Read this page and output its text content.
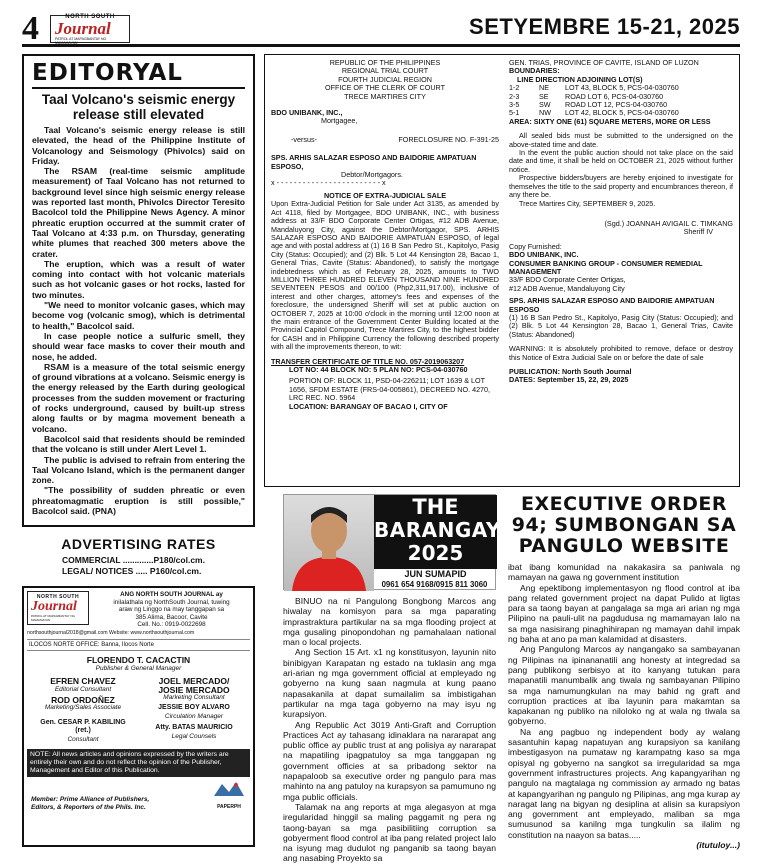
4	NORTH SOUTH
Journal
PATROL AT MAPAGBANTAY NG MAMAMAYAN
SETYEMBRE 15-21, 2025
EDITORYAL
Taal Volcano's seismic energy release still elevated

Taal Volcano's seismic energy release is still elevated, the head of the Philippine Institute of Volcanology and Seismology (Phivolcs) said on Friday.

The RSAM (real-time seismic amplitude measurement) of Taal Volcano has not returned to background level since high seismic energy release was reported last month, Phivolcs Director Teresito Bacolcol told the Philippine News Agency. A minor phreatic eruption occurred at the summit crater of Taal Volcano at 4:33 p.m. on Thursday, generating white plumes that reached 300 meters above the crater.

The eruption, which was a result of water coming into contact with hot volcanic materials such as hot volcanic gases or hot rocks, lasted for two minutes.

"We need to monitor volcanic gases, which may become vog (volcanic smog), which is detrimental to health," Bacolcol said.

In case people notice a sulfuric smell, they should wear face masks to cover their mouth and nose, he added.

RSAM is a measure of the total seismic energy of ground vibrations at a volcano. Seismic energy is the energy released by the Earth during geological processes from the sudden movement or fracturing of rocks underground, caused by built-up stress along faults or by magma movement beneath a volcano.

Bacolcol said that residents should be reminded that the volcano is still under Alert Level 1.

The public is advised to refrain from entering the Taal Volcano Island, which is the permanent danger zone.

"The possibility of sudden phreatic or even phreatomagmatic eruption is still possible," Bacolcol said. (PNA)

ADVERTISING RATES
COMMERCIAL .............P180/col.cm.
LEGAL/ NOTICES ..... P160/col.cm.
NORTH SOUTH
Journal
PATROL AT MAPAGBANTAY NG MAMAMAYAN
ANG NORTH SOUTH JOURNAL ay
inilalathala ng NorthSouth Journal, tuwing
araw ng Linggo na may tanggapan sa
385 Alima, Bacoor, Cavite
Cell. No.: 0919-0022698
northsouthjournal2018@gmail.com Website: www.northsouthjournal.com
ILOCOS NORTE OFFICE: Banna, Ilocos Norte
FLORENDO T. CACACTIN
Publisher & General Manager
EFREN CHAVEZ
Editorial Consultant
ROD ORDOÑEZ
Marketing/Sales Associate
Gen. CESAR P. KABILING (ret.)
Consultant
JOEL MERCADO/
JOSIE MERCADO
Marketing Consultant
JESSIE BOY ALVARO
Circulation Manager
Atty. BATAS MAURICIO
Legal Counsels
NOTE: All news articles and opinions expressed by the writers are entirely their own and do not reflect the opinion of the Publisher, Management and Editor of this Publication.
Member: Prime Alliance of Publishers, Editors, & Reporters of the Phils. Inc.	PAPERPH
REPUBLIC OF THE PHILIPPINES
REGIONAL TRIAL COURT
FOURTH JUDICIAL REGION
OFFICE OF THE CLERK OF COURT
TRECE MARTIRES CITY
BDO UNIBANK, INC.,
Mortgagee,
-versus-	FORECLOSURE NO. F-391-25
SPS. ARHIS SALAZAR ESPOSO AND BAIDORIE AMPATUAN ESPOSO,
Debtor/Mortgagors.
x - - - - - - - - - - - - - - - - - - - - - - - - x
NOTICE OF EXTRA-JUDICIAL SALE
Upon Extra-Judicial Petition for Sale under Act 3135, as amended by Act 4118, filed by Mortgagee, BDO UNIBANK, INC., with business address at 33/F BDO Corporate Center Ortigas, #12 ADB Avenue, Mandaluyong City, against the Debtor/Mortgagor, SPS. ARHIS SALAZAR ESPOSO AND BAIDORIE AMPATUAN ESPOSO, of legal age and with postal address at (1) 16 B San Pedro St., Kapitolyo, Pasig City (Status: Occupied); and (2) Blk. 5 Lot 44 Kensington 28, Bacao 1, General Trias, Cavite (Status: Abandoned), to satisfy the mortgage indebtedness which as of February 28, 2025, amounts to TWO MILLION THREE HUNDRED ELEVEN THOUSAND NINE HUNDRED SEVENTEEN PESOS and 00/100 (Php2,311,917.00), inclusive of interest and other charges, attorney's fees and expenses of the foreclosure, the undersigned Sheriff will set at public auction on OCTOBER 7, 2025 at 10:00 o'clock in the morning until 12:00 noon at the main entrance of the Government Center Building located at the Provincial Capitol Compound, Trece Martires City, to the highest bidder for CASH and in Philippine Currency the following described property with all the improvements thereon, to wit:
TRANSFER CERTIFICATE OF TITLE NO. 057-2019063207
LOT NO: 44 BLOCK NO: 5 PLAN NO: PCS-04-030760
PORTION OF: BLOCK 11, PSD-04-226211; LOT 1639 & LOT 1656, SFDM ESTATE (FRS-04-005861), DECREED NO. 4270, LRC REC. NO. 5964
LOCATION: BARANGAY OF BACAO I, CITY OF
GEN. TRIAS, PROVINCE OF CAVITE, ISLAND OF LUZON
BOUNDARIES:
LINE DIRECTION ADJOINING LOT(S)
1-2	NE	LOT 43, BLOCK 5, PCS-04-030760
2-3	SE	ROAD LOT 6, PCS-04-030760
3-5	SW	ROAD LOT 12, PCS-04-030760
5-1	NW	LOT 42, BLOCK 5, PCS-04-030760
AREA: SIXTY ONE (61) SQUARE METERS, MORE OR LESS
All sealed bids must be submitted to the undersigned on the above-stated time and date.
In the event the public auction should not take place on the said date and time, it shall be held on OCTOBER 21, 2025 without further notice.
Prospective bidders/buyers are hereby enjoined to investigate for themselves the title to the said property and encumbrances thereon, if any there be.
Trece Martires City, SEPTEMBER 9, 2025.
(Sgd.) JOANNAH AVIGAIL C. TIMKANG
Sheriff IV
Copy Furnished:
BDO UNIBANK, INC.
CONSUMER BANKING GROUP - CONSUMER REMEDIAL MANAGEMENT
33/F BDO Corporate Center Ortigas,
#12 ADB Avenue, Mandaluyong City
SPS. ARHIS SALAZAR ESPOSO AND BAIDORIE AMPATUAN ESPOSO
(1) 16 B San Pedro St., Kapitolyo, Pasig City (Status: Occupied); and (2) Blk. 5 Lot 44 Kensington 28, Bacao 1, General Trias, Cavite (Status: Abandoned)
WARNING: It is absolutely prohibited to remove, deface or destroy this Notice of Extra Judicial Sale on or before the date of sale
PUBLICATION: North South Journal
DATES: September 15, 22, 29, 2025
THE
BARANGAY
2025
JUN SUMAPID
0961 654 9168/0915 811 3060

BINUO na ni Pangulong Bongbong Marcos ang hiwalay na komisyon para sa mga paparating imprastraktura partikular na sa mga flooding project at mga gusaling pinopondohan ng pamahalaan national man o local projects.

Ang Section 15 Art. x1 ng konstitusyon, layunin nito binibigyan Karapatan ng estado na tuklasin ang mga ari-arian ng mga government official at empleyado ng gobyerno na kung saan nagmula at kung paano napasakanila at dapat sumailalim sa imbistigahan partikular na mga taga gobyerno na may isyu ng kurapsiyon.

Ang Republic Act 3019 Anti-Graft and Corruption Practices Act ay tahasang idinaklara na nararapat ang public office ay public trust at ang polisiya ay nararapat na mapatiling ipagpatuloy sa mga tanggapan ng government officies at sa pribadong sektor na napapaloob sa executive order ng pangulo para mas mahinto na ang patuloy na kurapsyon sa pamumuno ng mga public officials.

Talamak na ang reports at mga alegasyon at mga iregularidad hinggil sa maling paggamit ng pera ng taong-bayan sa mga pasibilitiing corruption sa gobyerment flood control at iba pang related project lalo na isyung mag dudulot ng panganib sa taong bayan ang nasabing Proyekto sa

EXECUTIVE ORDER 94; SUMBONGAN SA PANGULO WEBSITE

ibat ibang komunidad na nakakasira sa paniwala ng mamayan na gawa ng government institution

Ang epektibong implementasyon ng flood control at iba pang related government project na dapat Pulido at ligtas para sa taong bayan at pangalaga sa mga ari arian ng mga Pilipino na pauli-ulit na pagdudusa ng mamamayan lalo na sa mga nasisirang pinaghihirapan ng mamayan dahil impak ng baha at ano pa man kalamidad at disasters.

Ang Pangulong Marcos ay nangangako sa sambayanan ng Pilipinas na ipinananatili ang honesty at integredad sa pang publikong serbisyo at ito kanyang tutukan para mapanatili manumbalik ang tiwala ng sambayanan Pilipino sa mga namumungkulan na may bahid ng graft and corruption practices at iba layunin para makamtan sa kapakanan ng publiko na niloloko ng at wala ng tiwala sa gobyerno.

Na ang pagbuo ng independent body ay walang sasantuhin kapag napatuyan ang kurapsiyon sa kanilang imbestigasyon na pumataw ng karampatng kaso sa mga opisyal ng gobyerno na sangkot sa irregularidad sa mga government infrastructures projects. Ang kapangyarihan ng pangulo na magtalaga ng commission ay armado ng batas at kapangyarihan ng pangulo ng Pilipinas, ang mga kurap ay naragat lang na bigyan ng desiplina at alisin sa kurapsiyon ang government ant empleyado, maliban sa mga sumusunod sa kanilng mga tungkulin sa ilalim ng constitution na naayon sa batas.....

(itutuloy...)
